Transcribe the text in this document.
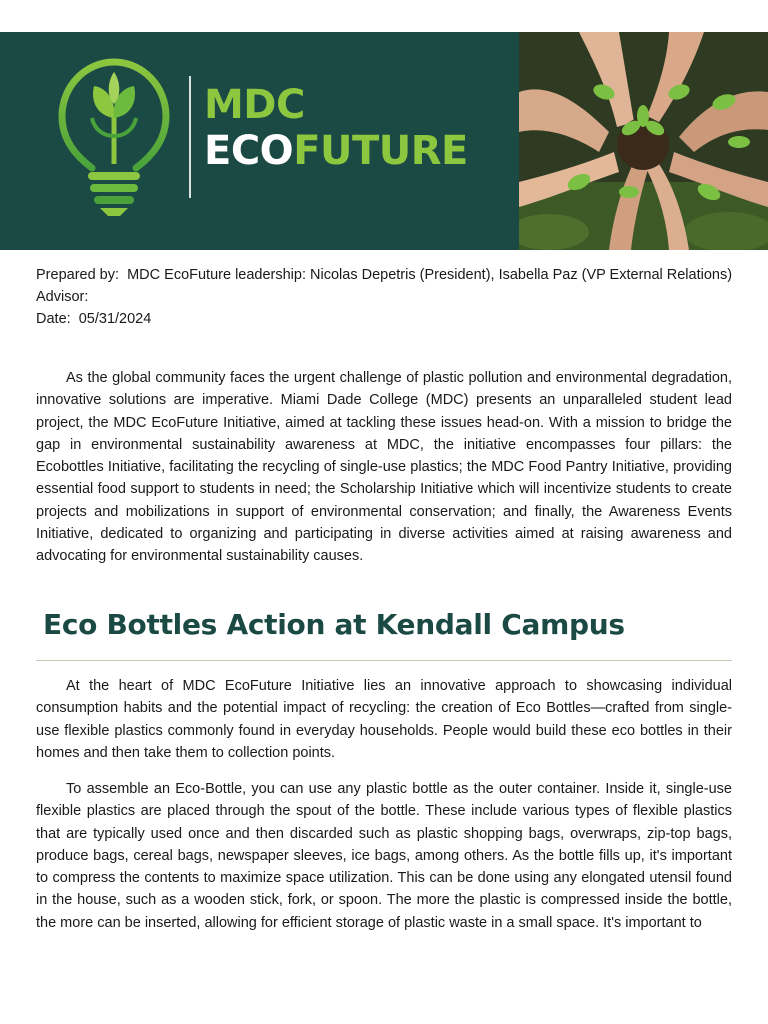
MDC
ECOFUTURE
Prepared by: MDC EcoFuture leadership: Nicolas Depetris (President), Isabella Paz (VP External Relations)
Advisor:
Date: 05/31/2024

As the global community faces the urgent challenge of plastic pollution and environmental degradation, innovative solutions are imperative. Miami Dade College (MDC) presents an unparalleled student lead project, the MDC EcoFuture Initiative, aimed at tackling these issues head-on. With a mission to bridge the gap in environmental sustainability awareness at MDC, the initiative encompasses four pillars: the Ecobottles Initiative, facilitating the recycling of single-use plastics; the MDC Food Pantry Initiative, providing essential food support to students in need; the Scholarship Initiative which will incentivize students to create projects and mobilizations in support of environmental conservation; and finally, the Awareness Events Initiative, dedicated to organizing and participating in diverse activities aimed at raising awareness and advocating for environmental sustainability causes.

Eco Bottles Action at Kendall Campus

At the heart of MDC EcoFuture Initiative lies an innovative approach to showcasing individual consumption habits and the potential impact of recycling: the creation of Eco Bottles—crafted from single-use flexible plastics commonly found in everyday households. People would build these eco bottles in their homes and then take them to collection points.

To assemble an Eco-Bottle, you can use any plastic bottle as the outer container. Inside it, single-use flexible plastics are placed through the spout of the bottle. These include various types of flexible plastics that are typically used once and then discarded such as plastic shopping bags, overwraps, zip-top bags, produce bags, cereal bags, newspaper sleeves, ice bags, among others. As the bottle fills up, it's important to compress the contents to maximize space utilization. This can be done using any elongated utensil found in the house, such as a wooden stick, fork, or spoon. The more the plastic is compressed inside the bottle, the more can be inserted, allowing for efficient storage of plastic waste in a small space. It's important to
